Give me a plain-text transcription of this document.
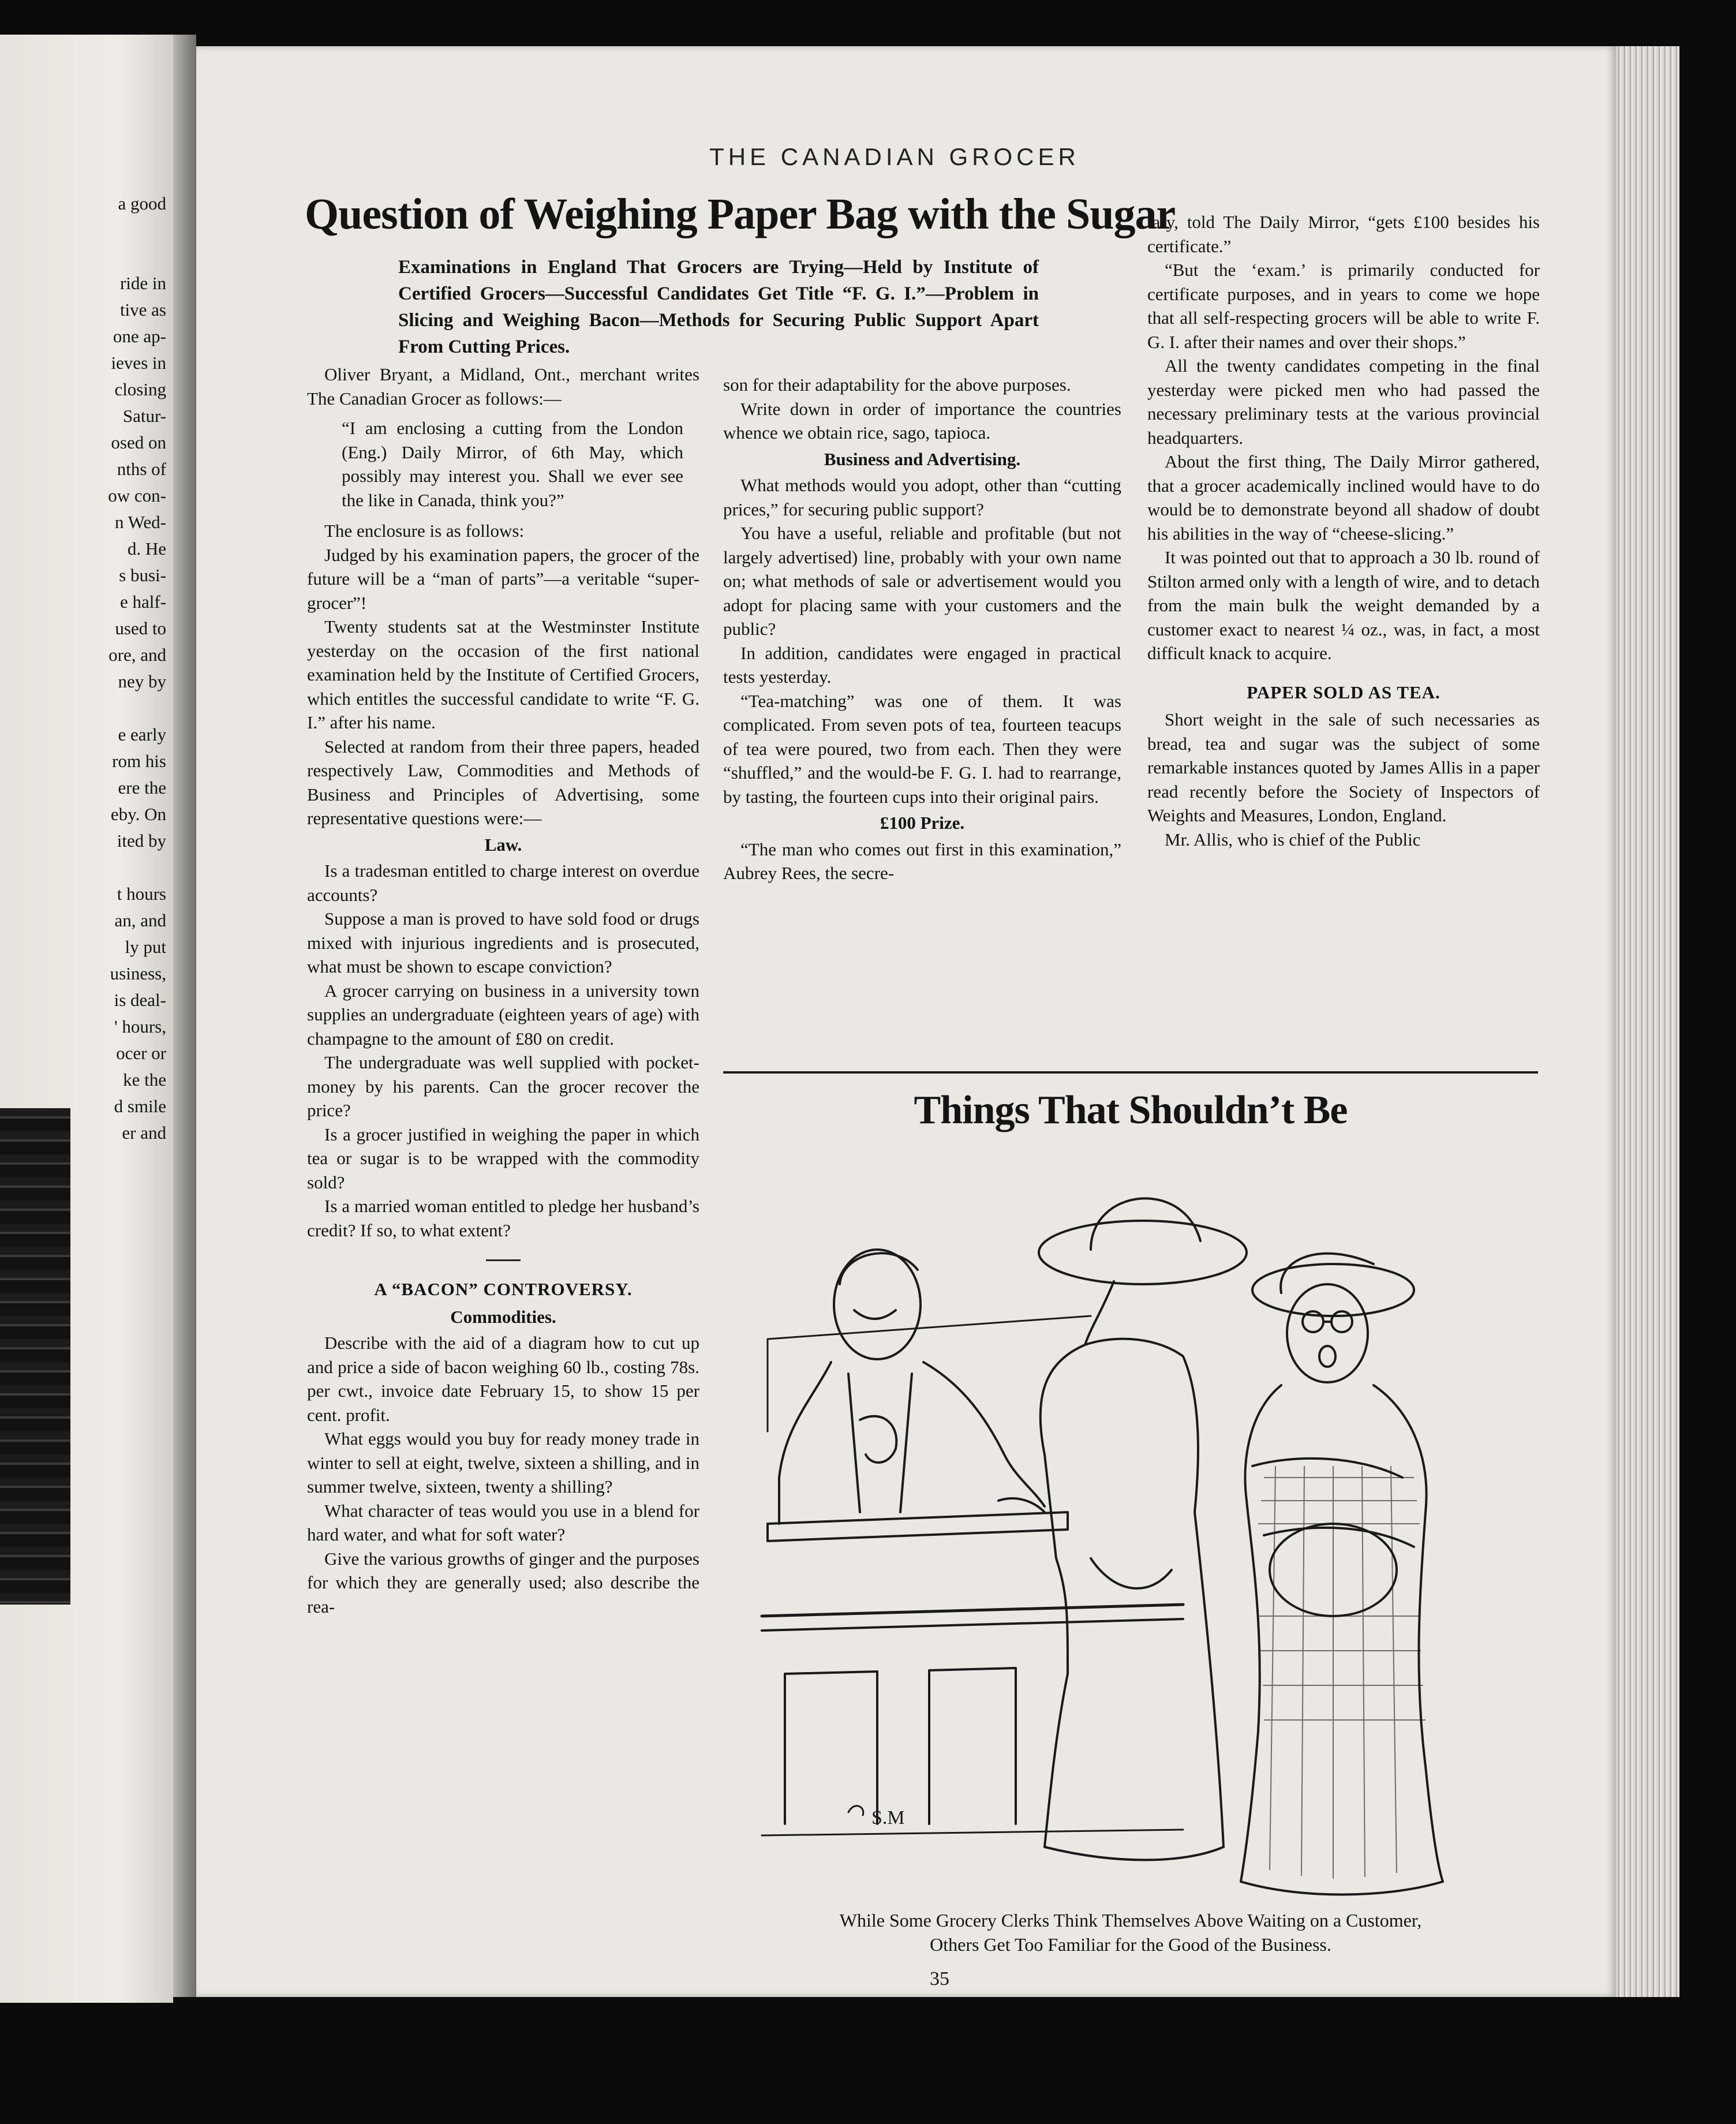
a good
ride in
tive as
one ap-
ieves in
closing
Satur-
osed on
nths of
ow con-
n Wed-
d. He
s busi-
e half-
used to
ore, and
ney by
e early
rom his
ere the
eby. On
ited by
t hours
an, and
ly put
usiness,
is deal-
' hours,
ocer or
ke the
d smile
er and
THE CANADIAN GROCER
Question of Weighing Paper Bag with the Sugar
Examinations in England That Grocers are Trying—Held by Institute of Certified Grocers—Successful Candidates Get Title “F. G. I.”—Problem in Slicing and Weighing Bacon—Methods for Securing Public Support Apart From Cutting Prices.

Oliver Bryant, a Midland, Ont., merchant writes The Canadian Grocer as follows:—

“I am enclosing a cutting from the London (Eng.) Daily Mirror, of 6th May, which possibly may interest you. Shall we ever see the like in Canada, think you?”

The enclosure is as follows:

Judged by his examination papers, the grocer of the future will be a “man of parts”—a veritable “super-grocer”!

Twenty students sat at the Westminster Institute yesterday on the occasion of the first national examination held by the Institute of Certified Grocers, which entitles the successful candidate to write “F. G. I.” after his name.

Selected at random from their three papers, headed respectively Law, Commodities and Methods of Business and Principles of Advertising, some representative questions were:—

Law.

Is a tradesman entitled to charge interest on overdue accounts?

Suppose a man is proved to have sold food or drugs mixed with injurious ingredients and is prosecuted, what must be shown to escape conviction?

A grocer carrying on business in a university town supplies an undergraduate (eighteen years of age) with champagne to the amount of £80 on credit.

The undergraduate was well supplied with pocket-money by his parents. Can the grocer recover the price?

Is a grocer justified in weighing the paper in which tea or sugar is to be wrapped with the commodity sold?

Is a married woman entitled to pledge her husband’s credit? If so, to what extent?

A “BACON” CONTROVERSY.

Commodities.

Describe with the aid of a diagram how to cut up and price a side of bacon weighing 60 lb., costing 78s. per cwt., invoice date February 15, to show 15 per cent. profit.

What eggs would you buy for ready money trade in winter to sell at eight, twelve, sixteen a shilling, and in summer twelve, sixteen, twenty a shilling?

What character of teas would you use in a blend for hard water, and what for soft water?

Give the various growths of ginger and the purposes for which they are generally used; also describe the rea-

son for their adaptability for the above purposes.

Write down in order of importance the countries whence we obtain rice, sago, tapioca.

Business and Advertising.

What methods would you adopt, other than “cutting prices,” for securing public support?

You have a useful, reliable and profitable (but not largely advertised) line, probably with your own name on; what methods of sale or advertisement would you adopt for placing same with your customers and the public?

In addition, candidates were engaged in practical tests yesterday.

“Tea-matching” was one of them. It was complicated. From seven pots of tea, fourteen teacups of tea were poured, two from each. Then they were “shuffled,” and the would-be F. G. I. had to rearrange, by tasting, the fourteen cups into their original pairs.

£100 Prize.

“The man who comes out first in this examination,” Aubrey Rees, the secre-

tary, told The Daily Mirror, “gets £100 besides his certificate.”

“But the ‘exam.’ is primarily conducted for certificate purposes, and in years to come we hope that all self-respecting grocers will be able to write F. G. I. after their names and over their shops.”

All the twenty candidates competing in the final yesterday were picked men who had passed the necessary preliminary tests at the various provincial headquarters.

About the first thing, The Daily Mirror gathered, that a grocer academically inclined would have to do would be to demonstrate beyond all shadow of doubt his abilities in the way of “cheese-slicing.”

It was pointed out that to approach a 30 lb. round of Stilton armed only with a length of wire, and to detach from the main bulk the weight demanded by a customer exact to nearest ¼ oz., was, in fact, a most difficult knack to acquire.

PAPER SOLD AS TEA.

Short weight in the sale of such necessaries as bread, tea and sugar was the subject of some remarkable instances quoted by James Allis in a paper read recently before the Society of Inspectors of Weights and Measures, London, England.

Mr. Allis, who is chief of the Public

Things That Shouldn’t Be
S.M
While Some Grocery Clerks Think Themselves Above Waiting on a Customer,
Others Get Too Familiar for the Good of the Business.
35
